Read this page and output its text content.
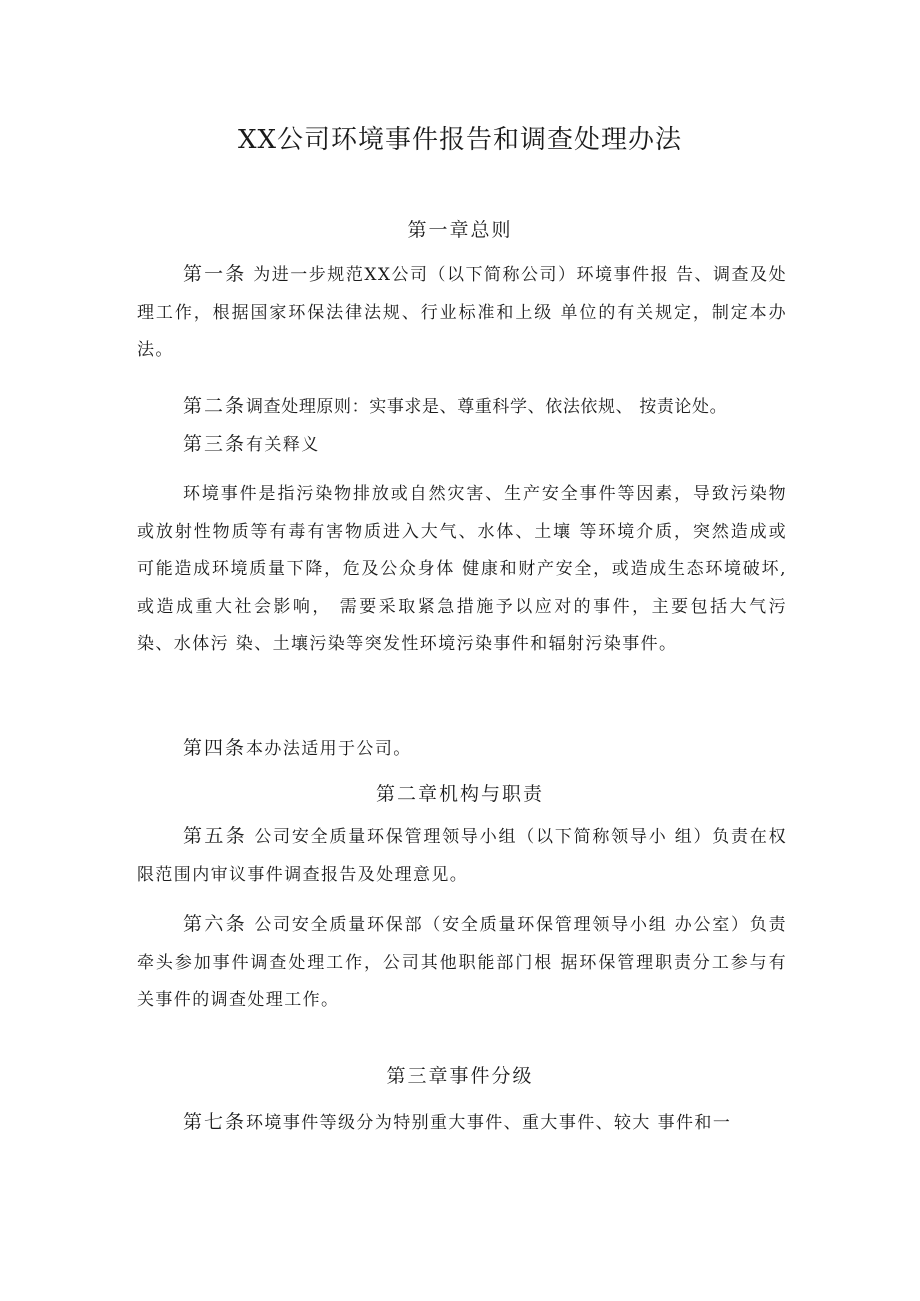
XX公司环境事件报告和调查处理办法
第一章总则

第一条 为进一步规范XX公司（以下简称公司）环境事件报 告、调查及处理工作，根据国家环保法律法规、行业标准和上级 单位的有关规定，制定本办法。

第二条调查处理原则：实事求是、尊重科学、依法依规、 按责论处。

第三条有关释义

环境事件是指污染物排放或自然灾害、生产安全事件等因素，导致污染物或放射性物质等有毒有害物质进入大气、水体、土壤 等环境介质，突然造成或可能造成环境质量下降，危及公众身体 健康和财产安全，或造成生态环境破坏,或造成重大社会影响， 需要采取紧急措施予以应对的事件，主要包括大气污染、水体污 染、土壤污染等突发性环境污染事件和辐射污染事件。

第四条本办法适用于公司。

第二章机构与职责

第五条 公司安全质量环保管理领导小组（以下简称领导小 组）负责在权限范围内审议事件调查报告及处理意见。

第六条 公司安全质量环保部（安全质量环保管理领导小组 办公室）负责牵头参加事件调查处理工作，公司其他职能部门根 据环保管理职责分工参与有关事件的调查处理工作。

第三章事件分级

第七条环境事件等级分为特别重大事件、重大事件、较大 事件和一
